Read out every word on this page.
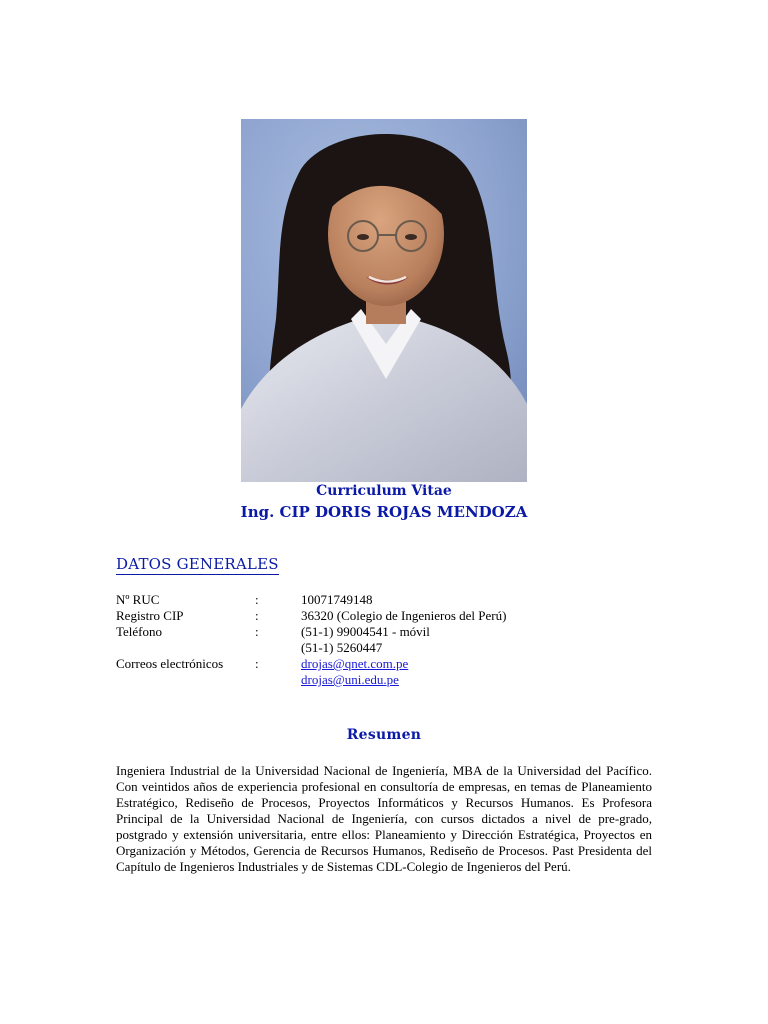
Curriculum Vitae
Ing. CIP DORIS ROJAS MENDOZA
DATOS GENERALES
Nº RUC	:	10071749148
Registro CIP	:	36320 (Colegio de Ingenieros del Perú)
Teléfono	:	(51-1) 99004541 - móvil
(51-1) 5260447
Correos electrónicos :	drojas@qnet.com.pe
drojas@uni.edu.pe
Resumen
Ingeniera Industrial de la Universidad Nacional de Ingeniería, MBA de la Universidad del Pacífico. Con veintidos años de experiencia profesional en consultoría de empresas, en temas de Planeamiento Estratégico, Rediseño de Procesos, Proyectos Informáticos y Recursos Humanos. Es Profesora Principal de la Universidad Nacional de Ingeniería, con cursos dictados a nivel de pre-grado, postgrado y extensión universitaria, entre ellos: Planeamiento y Dirección Estratégica, Proyectos en Organización y Métodos, Gerencia de Recursos Humanos, Rediseño de Procesos. Past Presidenta del Capítulo de Ingenieros Industriales y de Sistemas CDL-Colegio de Ingenieros del Perú.
